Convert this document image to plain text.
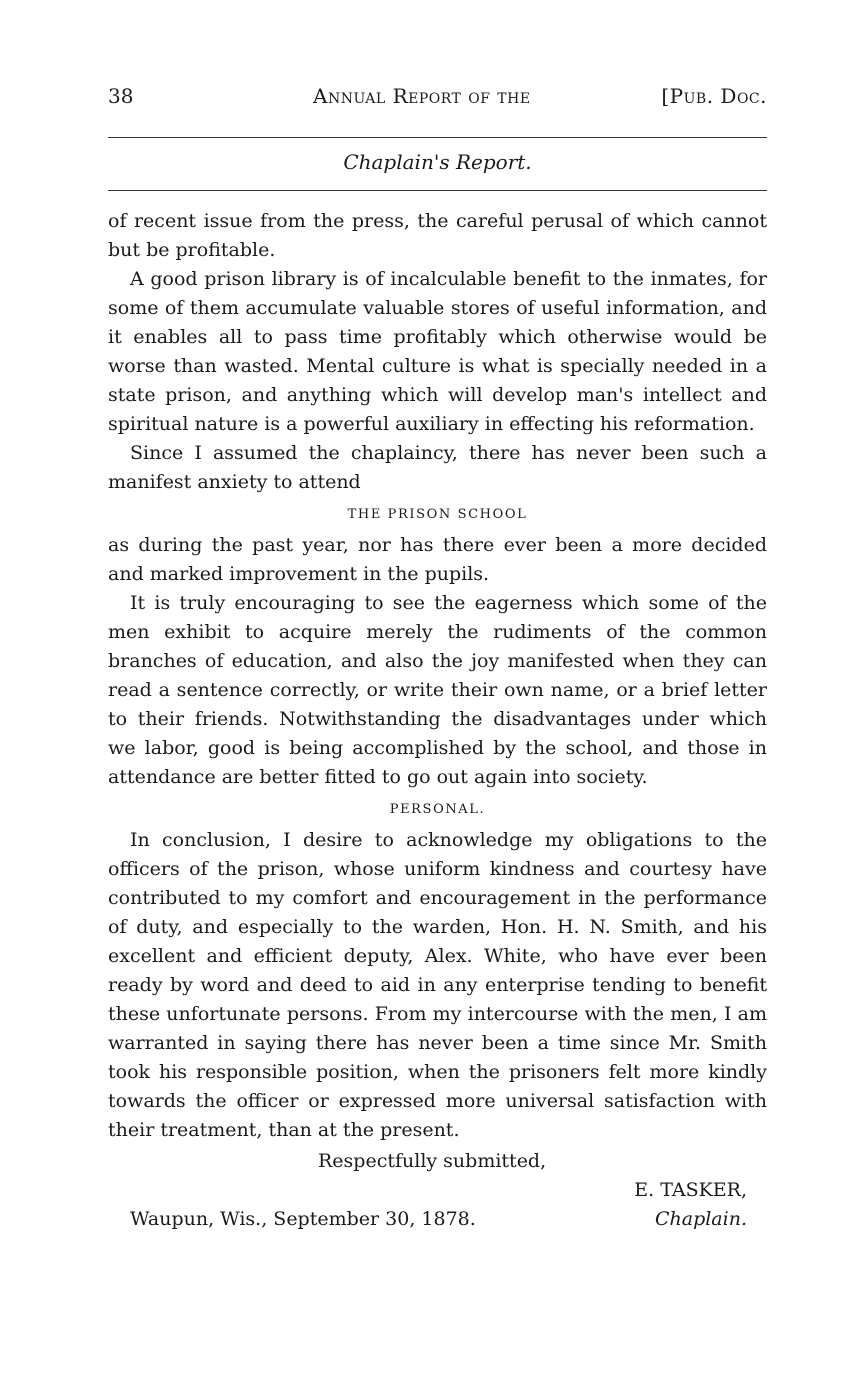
38	Annual Report of the	[Pub. Doc.
Chaplain's Report.

of recent issue from the press, the careful perusal of which cannot but be profitable.

A good prison library is of incalculable benefit to the inmates, for some of them accumulate valuable stores of useful information, and it enables all to pass time profitably which otherwise would be worse than wasted. Mental culture is what is specially needed in a state prison, and anything which will develop man's intellect and spiritual nature is a powerful auxiliary in effecting his reformation.

Since I assumed the chaplaincy, there has never been such a manifest anxiety to attend

THE PRISON SCHOOL

as during the past year, nor has there ever been a more decided and marked improvement in the pupils.

It is truly encouraging to see the eagerness which some of the men exhibit to acquire merely the rudiments of the common branches of education, and also the joy manifested when they can read a sentence correctly, or write their own name, or a brief letter to their friends. Notwithstanding the disadvantages under which we labor, good is being accomplished by the school, and those in attendance are better fitted to go out again into society.

PERSONAL.

In conclusion, I desire to acknowledge my obligations to the officers of the prison, whose uniform kindness and courtesy have contributed to my comfort and encouragement in the performance of duty, and especially to the warden, Hon. H. N. Smith, and his excellent and efficient deputy, Alex. White, who have ever been ready by word and deed to aid in any enterprise tending to benefit these unfortunate persons. From my intercourse with the men, I am warranted in saying there has never been a time since Mr. Smith took his responsible position, when the prisoners felt more kindly towards the officer or expressed more universal satisfaction with their treatment, than at the present.

Respectfully submitted,
E. TASKER,
Waupun, Wis., September 30, 1878.	Chaplain.
